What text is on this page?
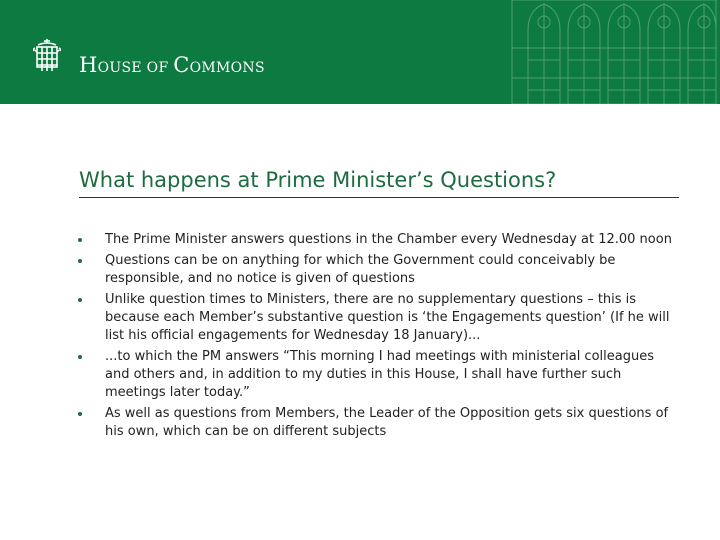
HOUSE OF COMMONS
What happens at Prime Minister’s Questions?
The Prime Minister answers questions in the Chamber every Wednesday at 12.00 noon
Questions can be on anything for which the Government could conceivably be responsible, and no notice is given of questions
Unlike question times to Ministers, there are no supplementary questions – this is because each Member’s substantive question is ‘the Engagements question’ (If he will list his official engagements for Wednesday 18 January)...
...to which the PM answers “This morning I had meetings with ministerial colleagues and others and, in addition to my duties in this House, I shall have further such meetings later today.”
As well as questions from Members, the Leader of the Opposition gets six questions of his own, which can be on different subjects
